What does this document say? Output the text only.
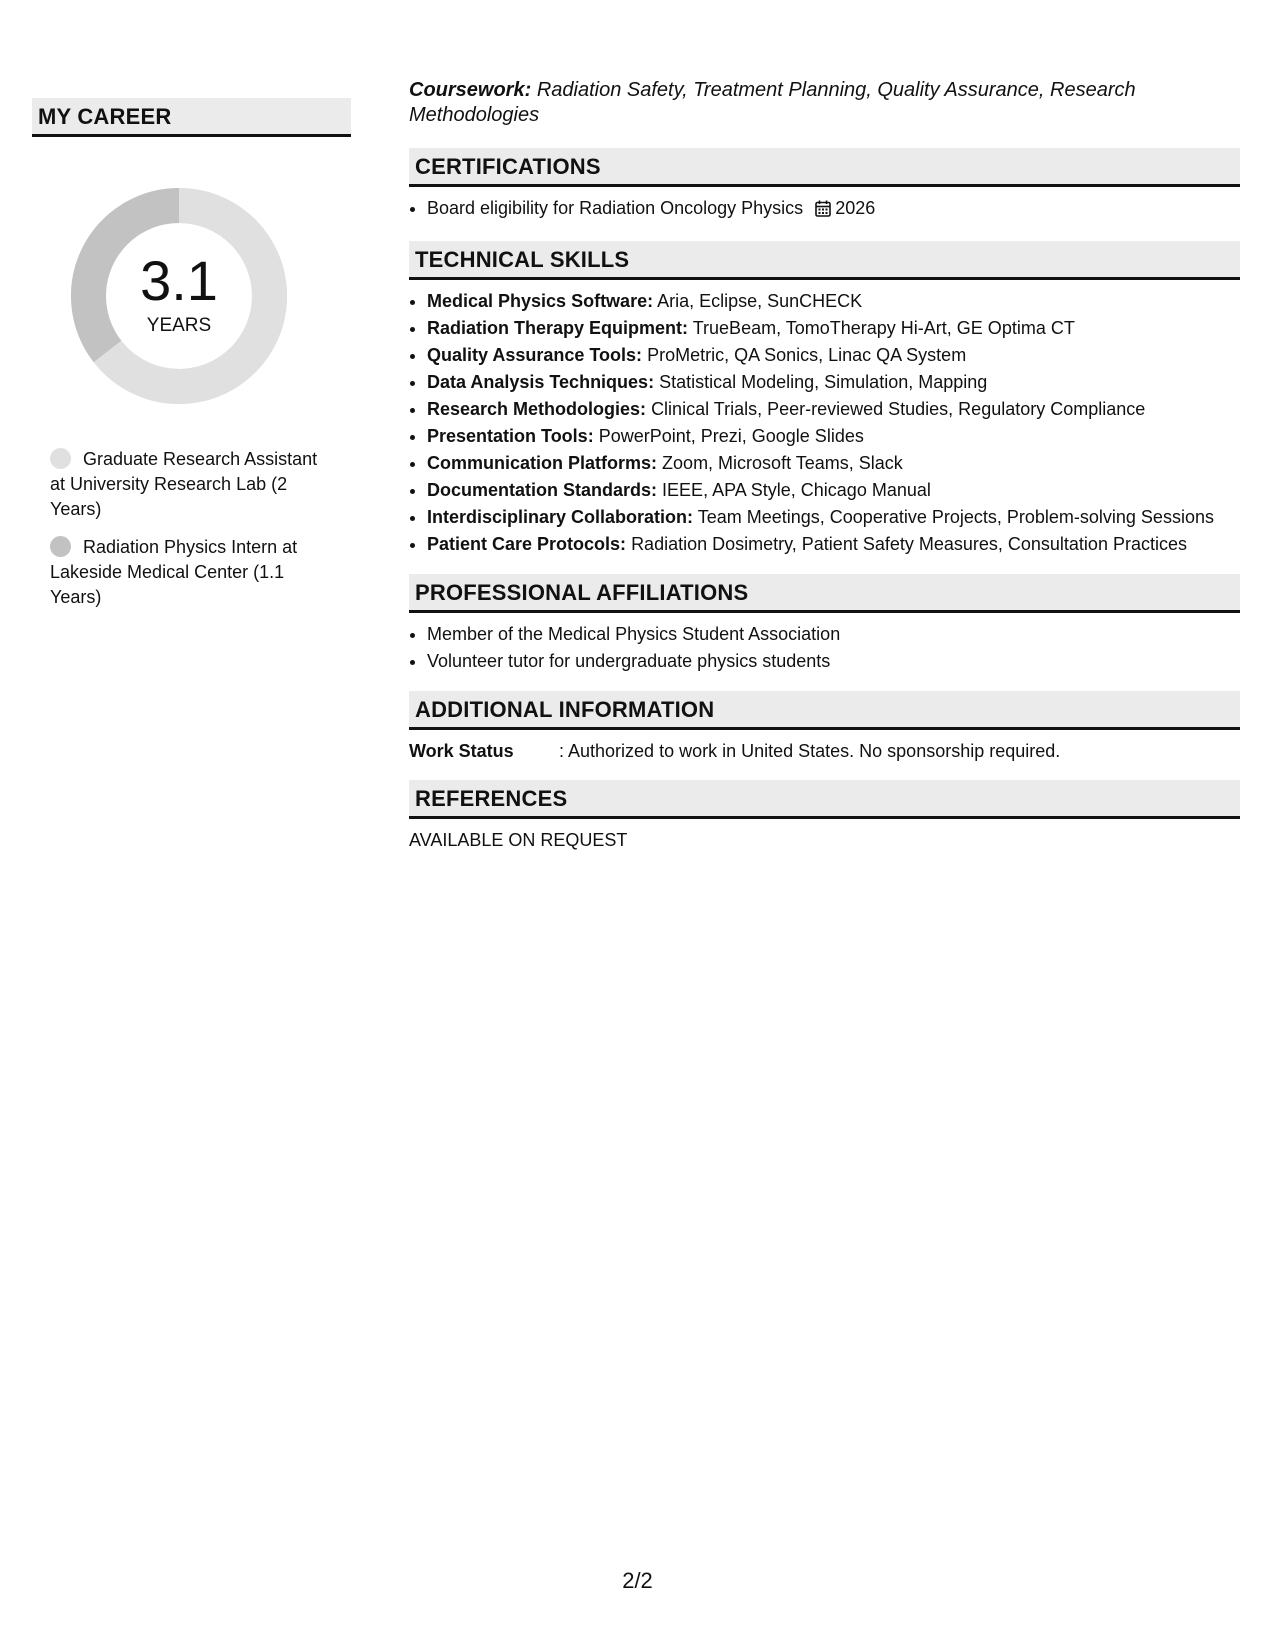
MY CAREER
3.1
YEARS
Graduate Research Assistant at University Research Lab (2 Years)
Radiation Physics Intern at Lakeside Medical Center (1.1 Years)
Coursework: Radiation Safety, Treatment Planning, Quality Assurance, Research Methodologies
CERTIFICATIONS
• Board eligibility for Radiation Oncology Physics 2026
TECHNICAL SKILLS
• Medical Physics Software: Aria, Eclipse, SunCHECK
• Radiation Therapy Equipment: TrueBeam, TomoTherapy Hi-Art, GE Optima CT
• Quality Assurance Tools: ProMetric, QA Sonics, Linac QA System
• Data Analysis Techniques: Statistical Modeling, Simulation, Mapping
• Research Methodologies: Clinical Trials, Peer-reviewed Studies, Regulatory Compliance
• Presentation Tools: PowerPoint, Prezi, Google Slides
• Communication Platforms: Zoom, Microsoft Teams, Slack
• Documentation Standards: IEEE, APA Style, Chicago Manual
• Interdisciplinary Collaboration: Team Meetings, Cooperative Projects, Problem-solving Sessions
• Patient Care Protocols: Radiation Dosimetry, Patient Safety Measures, Consultation Practices
PROFESSIONAL AFFILIATIONS
• Member of the Medical Physics Student Association
• Volunteer tutor for undergraduate physics students
ADDITIONAL INFORMATION
Work Status	: Authorized to work in United States. No sponsorship required.
REFERENCES
AVAILABLE ON REQUEST
2/2
